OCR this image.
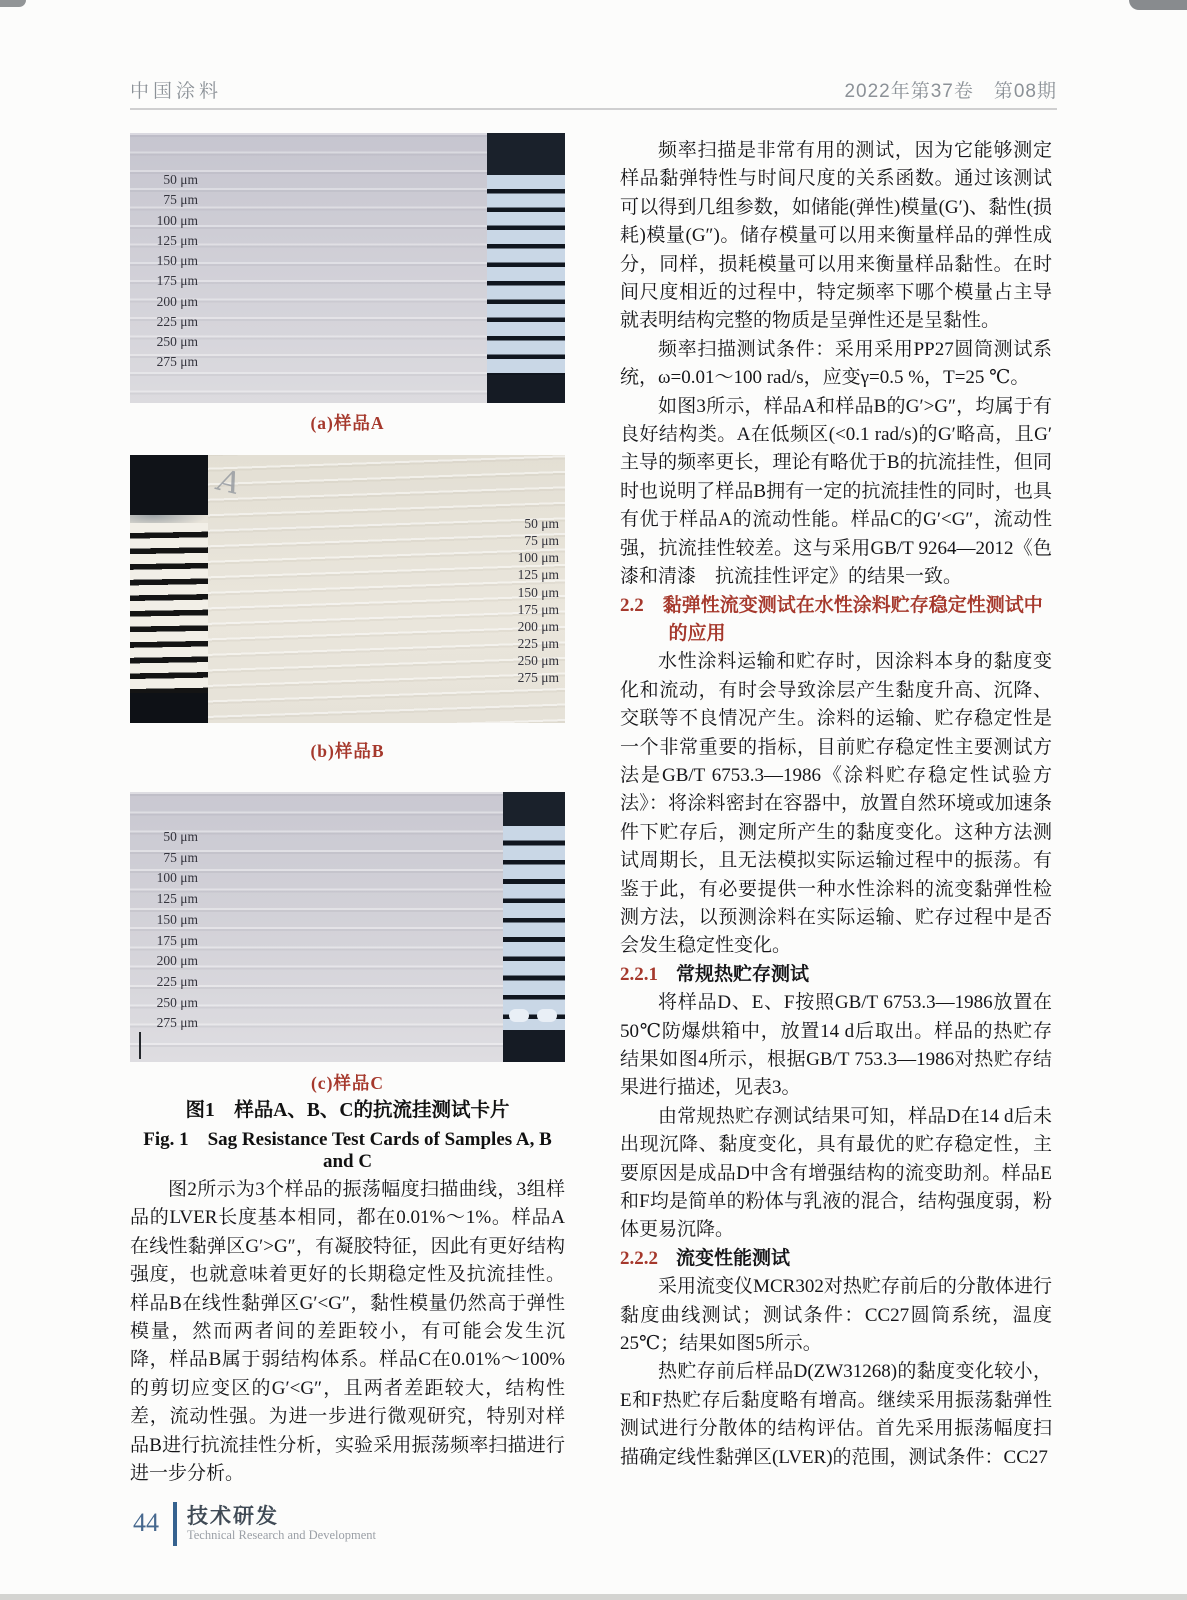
中国涂料	2022年第37卷　第08期
50 μm
75 μm
100 μm
125 μm
150 μm
175 μm
200 μm
225 μm
250 μm
275 μm
(a)样品A
A
50 μm
75 μm
100 μm
125 μm
150 μm
175 μm
200 μm
225 μm
250 μm
275 μm
(b)样品B
50 μm
75 μm
100 μm
125 μm
150 μm
175 μm
200 μm
225 μm
250 μm
275 μm
(c)样品C
图1　样品A、B、C的抗流挂测试卡片
Fig. 1　Sag Resistance Test Cards of Samples A, B and C

图2所示为3个样品的振荡幅度扫描曲线，3组样品的LVER长度基本相同，都在0.01%～1%。样品A在线性黏弹区G′>G″，有凝胶特征，因此有更好结构强度，也就意味着更好的长期稳定性及抗流挂性。样品B在线性黏弹区G′<G″，黏性模量仍然高于弹性模量，然而两者间的差距较小，有可能会发生沉降，样品B属于弱结构体系。样品C在0.01%～100%的剪切应变区的G′<G″，且两者差距较大，结构性差，流动性强。为进一步进行微观研究，特别对样品B进行抗流挂性分析，实验采用振荡频率扫描进行进一步分析。

频率扫描是非常有用的测试，因为它能够测定样品黏弹特性与时间尺度的关系函数。通过该测试可以得到几组参数，如储能(弹性)模量(G′)、黏性(损耗)模量(G″)。储存模量可以用来衡量样品的弹性成分，同样，损耗模量可以用来衡量样品黏性。在时间尺度相近的过程中，特定频率下哪个模量占主导就表明结构完整的物质是呈弹性还是呈黏性。

频率扫描测试条件：采用采用PP27圆筒测试系统，ω=0.01～100 rad/s，应变γ=0.5 %，T=25 ℃。

如图3所示，样品A和样品B的G′>G″，均属于有良好结构类。A在低频区(<0.1 rad/s)的G′略高，且G′主导的频率更长，理论有略优于B的抗流挂性，但同时也说明了样品B拥有一定的抗流挂性的同时，也具有优于样品A的流动性能。样品C的G′<G″，流动性强，抗流挂性较差。这与采用GB/T 9264—2012《色漆和清漆　抗流挂性评定》的结果一致。

2.2　黏弹性流变测试在水性涂料贮存稳定性测试中的应用

水性涂料运输和贮存时，因涂料本身的黏度变化和流动，有时会导致涂层产生黏度升高、沉降、交联等不良情况产生。涂料的运输、贮存稳定性是一个非常重要的指标，目前贮存稳定性主要测试方法是GB/T 6753.3—1986《涂料贮存稳定性试验方法》：将涂料密封在容器中，放置自然环境或加速条件下贮存后，测定所产生的黏度变化。这种方法测试周期长，且无法模拟实际运输过程中的振荡。有鉴于此，有必要提供一种水性涂料的流变黏弹性检测方法，以预测涂料在实际运输、贮存过程中是否会发生稳定性变化。

2.2.1 常规热贮存测试

将样品D、E、F按照GB/T 6753.3—1986放置在50℃防爆烘箱中，放置14 d后取出。样品的热贮存结果如图4所示，根据GB/T 753.3—1986对热贮存结果进行描述，见表3。

由常规热贮存测试结果可知，样品D在14 d后未出现沉降、黏度变化，具有最优的贮存稳定性，主要原因是成品D中含有增强结构的流变助剂。样品E和F均是简单的粉体与乳液的混合，结构强度弱，粉体更易沉降。

2.2.2 流变性能测试

采用流变仪MCR302对热贮存前后的分散体进行黏度曲线测试；测试条件：CC27圆筒系统，温度25℃；结果如图5所示。

热贮存前后样品D(ZW31268)的黏度变化较小，E和F热贮存后黏度略有增高。继续采用振荡黏弹性测试进行分散体的结构评估。首先采用振荡幅度扫描确定线性黏弹区(LVER)的范围，测试条件：CC27

44 技术研发
Technical Research and Development
